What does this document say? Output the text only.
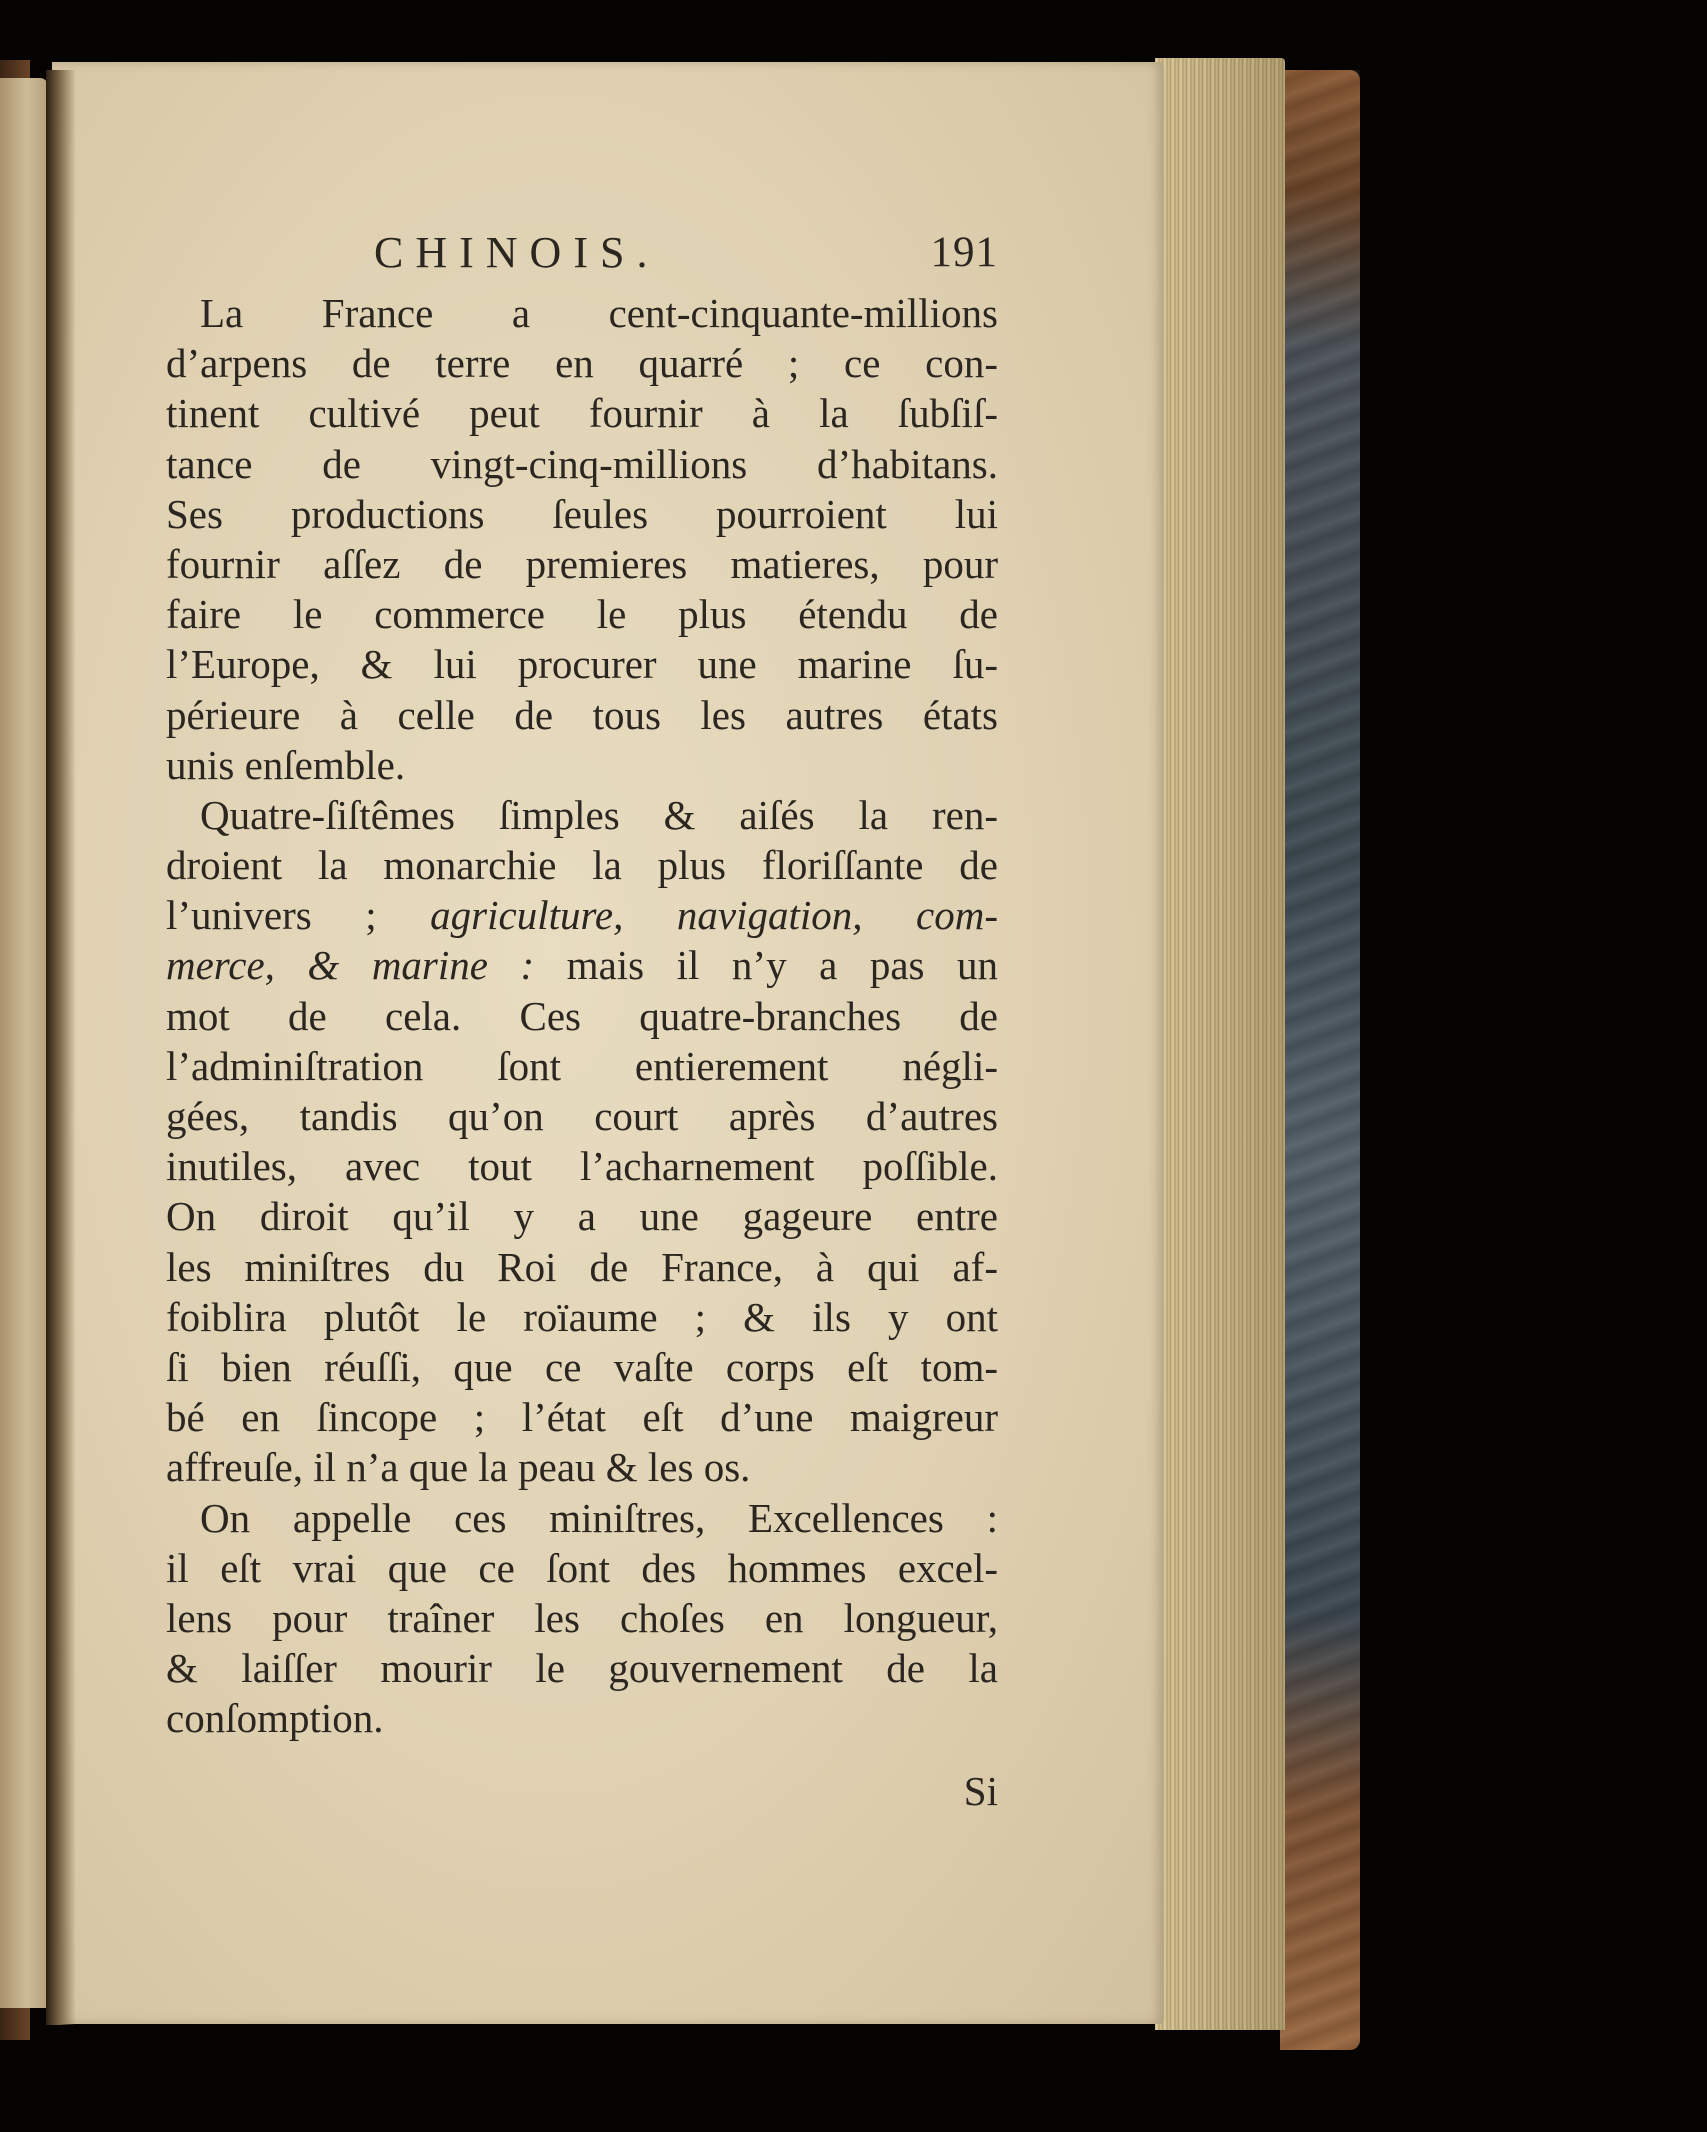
CHINOIS.	191

La France a cent-cinquante-millions
d’arpens de terre en quarré ; ce con-
tinent cultivé peut fournir à la ſubſiſ-
tance de vingt-cinq-millions d’habitans.
Ses productions ſeules pourroient lui
fournir aſſez de premieres matieres, pour
faire le commerce le plus étendu de
l’Europe, & lui procurer une marine ſu-
périeure à celle de tous les autres états
unis enſemble.

Quatre-ſiſtêmes ſimples & aiſés la ren-
droient la monarchie la plus floriſſante de
l’univers ; agriculture, navigation, com-
merce, & marine : mais il n’y a pas un
mot de cela. Ces quatre-branches de
l’adminiſtration ſont entierement négli-
gées, tandis qu’on court après d’autres
inutiles, avec tout l’acharnement poſſible.
On diroit qu’il y a une gageure entre
les miniſtres du Roi de France, à qui af-
foiblira plutôt le roïaume ; & ils y ont
ſi bien réuſſi, que ce vaſte corps eſt tom-
bé en ſincope ; l’état eſt d’une maigreur
affreuſe, il n’a que la peau & les os.

On appelle ces miniſtres, Excellences :
il eſt vrai que ce ſont des hommes excel-
lens pour traîner les choſes en longueur,
& laiſſer mourir le gouvernement de la
conſomption.

Si
